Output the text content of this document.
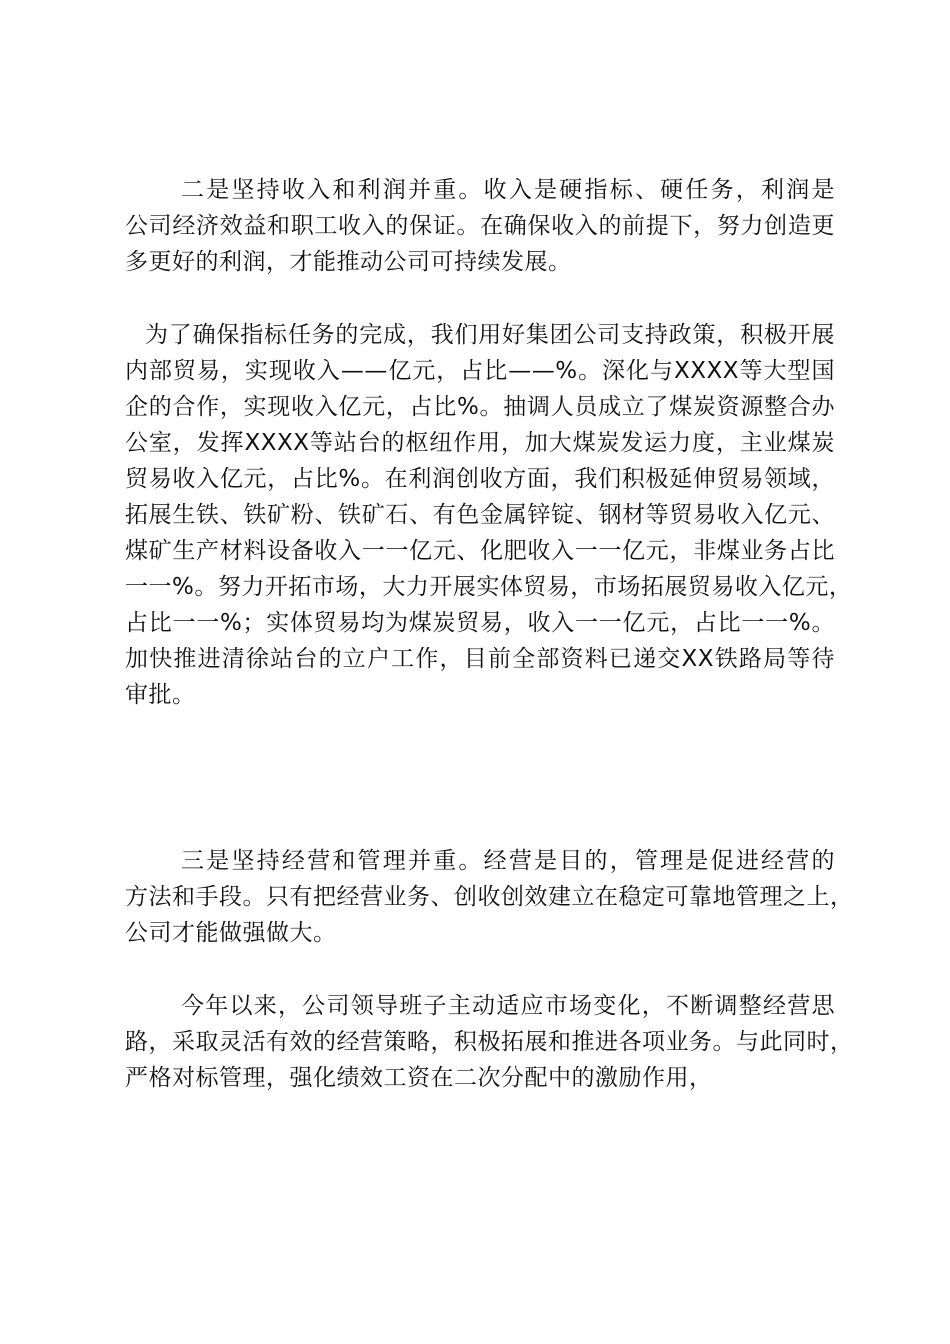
二是坚持收入和利润并重。收入是硬指标、硬任务，利润是
公司经济效益和职工收入的保证。在确保收入的前提下，努力创造更
多更好的利润，才能推动公司可持续发展。
为了确保指标任务的完成，我们用好集团公司支持政策，积极开展
内部贸易，实现收入——亿元，占比——%。深化与XXXX等大型国
企的合作，实现收入亿元，占比%。抽调人员成立了煤炭资源整合办
公室，发挥XXXX等站台的枢纽作用，加大煤炭发运力度，主业煤炭
贸易收入亿元，占比%。在利润创收方面，我们积极延伸贸易领域，
拓展生铁、铁矿粉、铁矿石、有色金属锌锭、钢材等贸易收入亿元、
煤矿生产材料设备收入一一亿元、化肥收入一一亿元，非煤业务占比
一一%。努力开拓市场，大力开展实体贸易，市场拓展贸易收入亿元，
占比一一%；实体贸易均为煤炭贸易，收入一一亿元，占比一一%。
加快推进清徐站台的立户工作，目前全部资料已递交XX铁路局等待
审批。
三是坚持经营和管理并重。经营是目的，管理是促进经营的
方法和手段。只有把经营业务、创收创效建立在稳定可靠地管理之上，
公司才能做强做大。
今年以来，公司领导班子主动适应市场变化，不断调整经营思
路，采取灵活有效的经营策略，积极拓展和推进各项业务。与此同时，
严格对标管理，强化绩效工资在二次分配中的激励作用，
